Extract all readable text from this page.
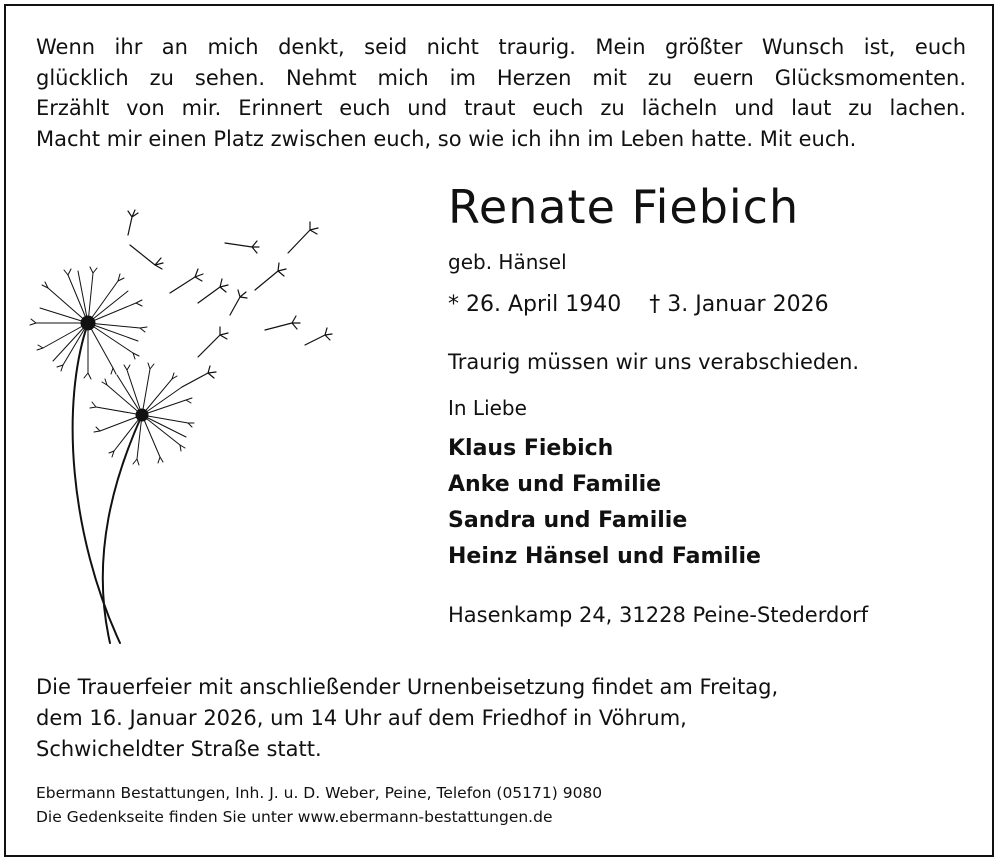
Wenn ihr an mich denkt, seid nicht traurig. Mein größter Wunsch ist, euch
glücklich zu sehen. Nehmt mich im Herzen mit zu euern Glücksmomenten.
Erzählt von mir. Erinnert euch und traut euch zu lächeln und laut zu lachen.
Macht mir einen Platz zwischen euch, so wie ich ihn im Leben hatte. Mit euch.
Renate Fiebich
geb. Hänsel
* 26. April 1940 † 3. Januar 2026
Traurig müssen wir uns verabschieden.
In Liebe
Klaus Fiebich
Anke und Familie
Sandra und Familie
Heinz Hänsel und Familie
Hasenkamp 24, 31228 Peine-Stederdorf
Die Trauerfeier mit anschließender Urnenbeisetzung findet am Freitag,
dem 16. Januar 2026, um 14 Uhr auf dem Friedhof in Vöhrum,
Schwicheldter Straße statt.
Ebermann Bestattungen, Inh. J. u. D. Weber, Peine, Telefon (05171) 9080
Die Gedenkseite finden Sie unter www.ebermann-bestattungen.de
